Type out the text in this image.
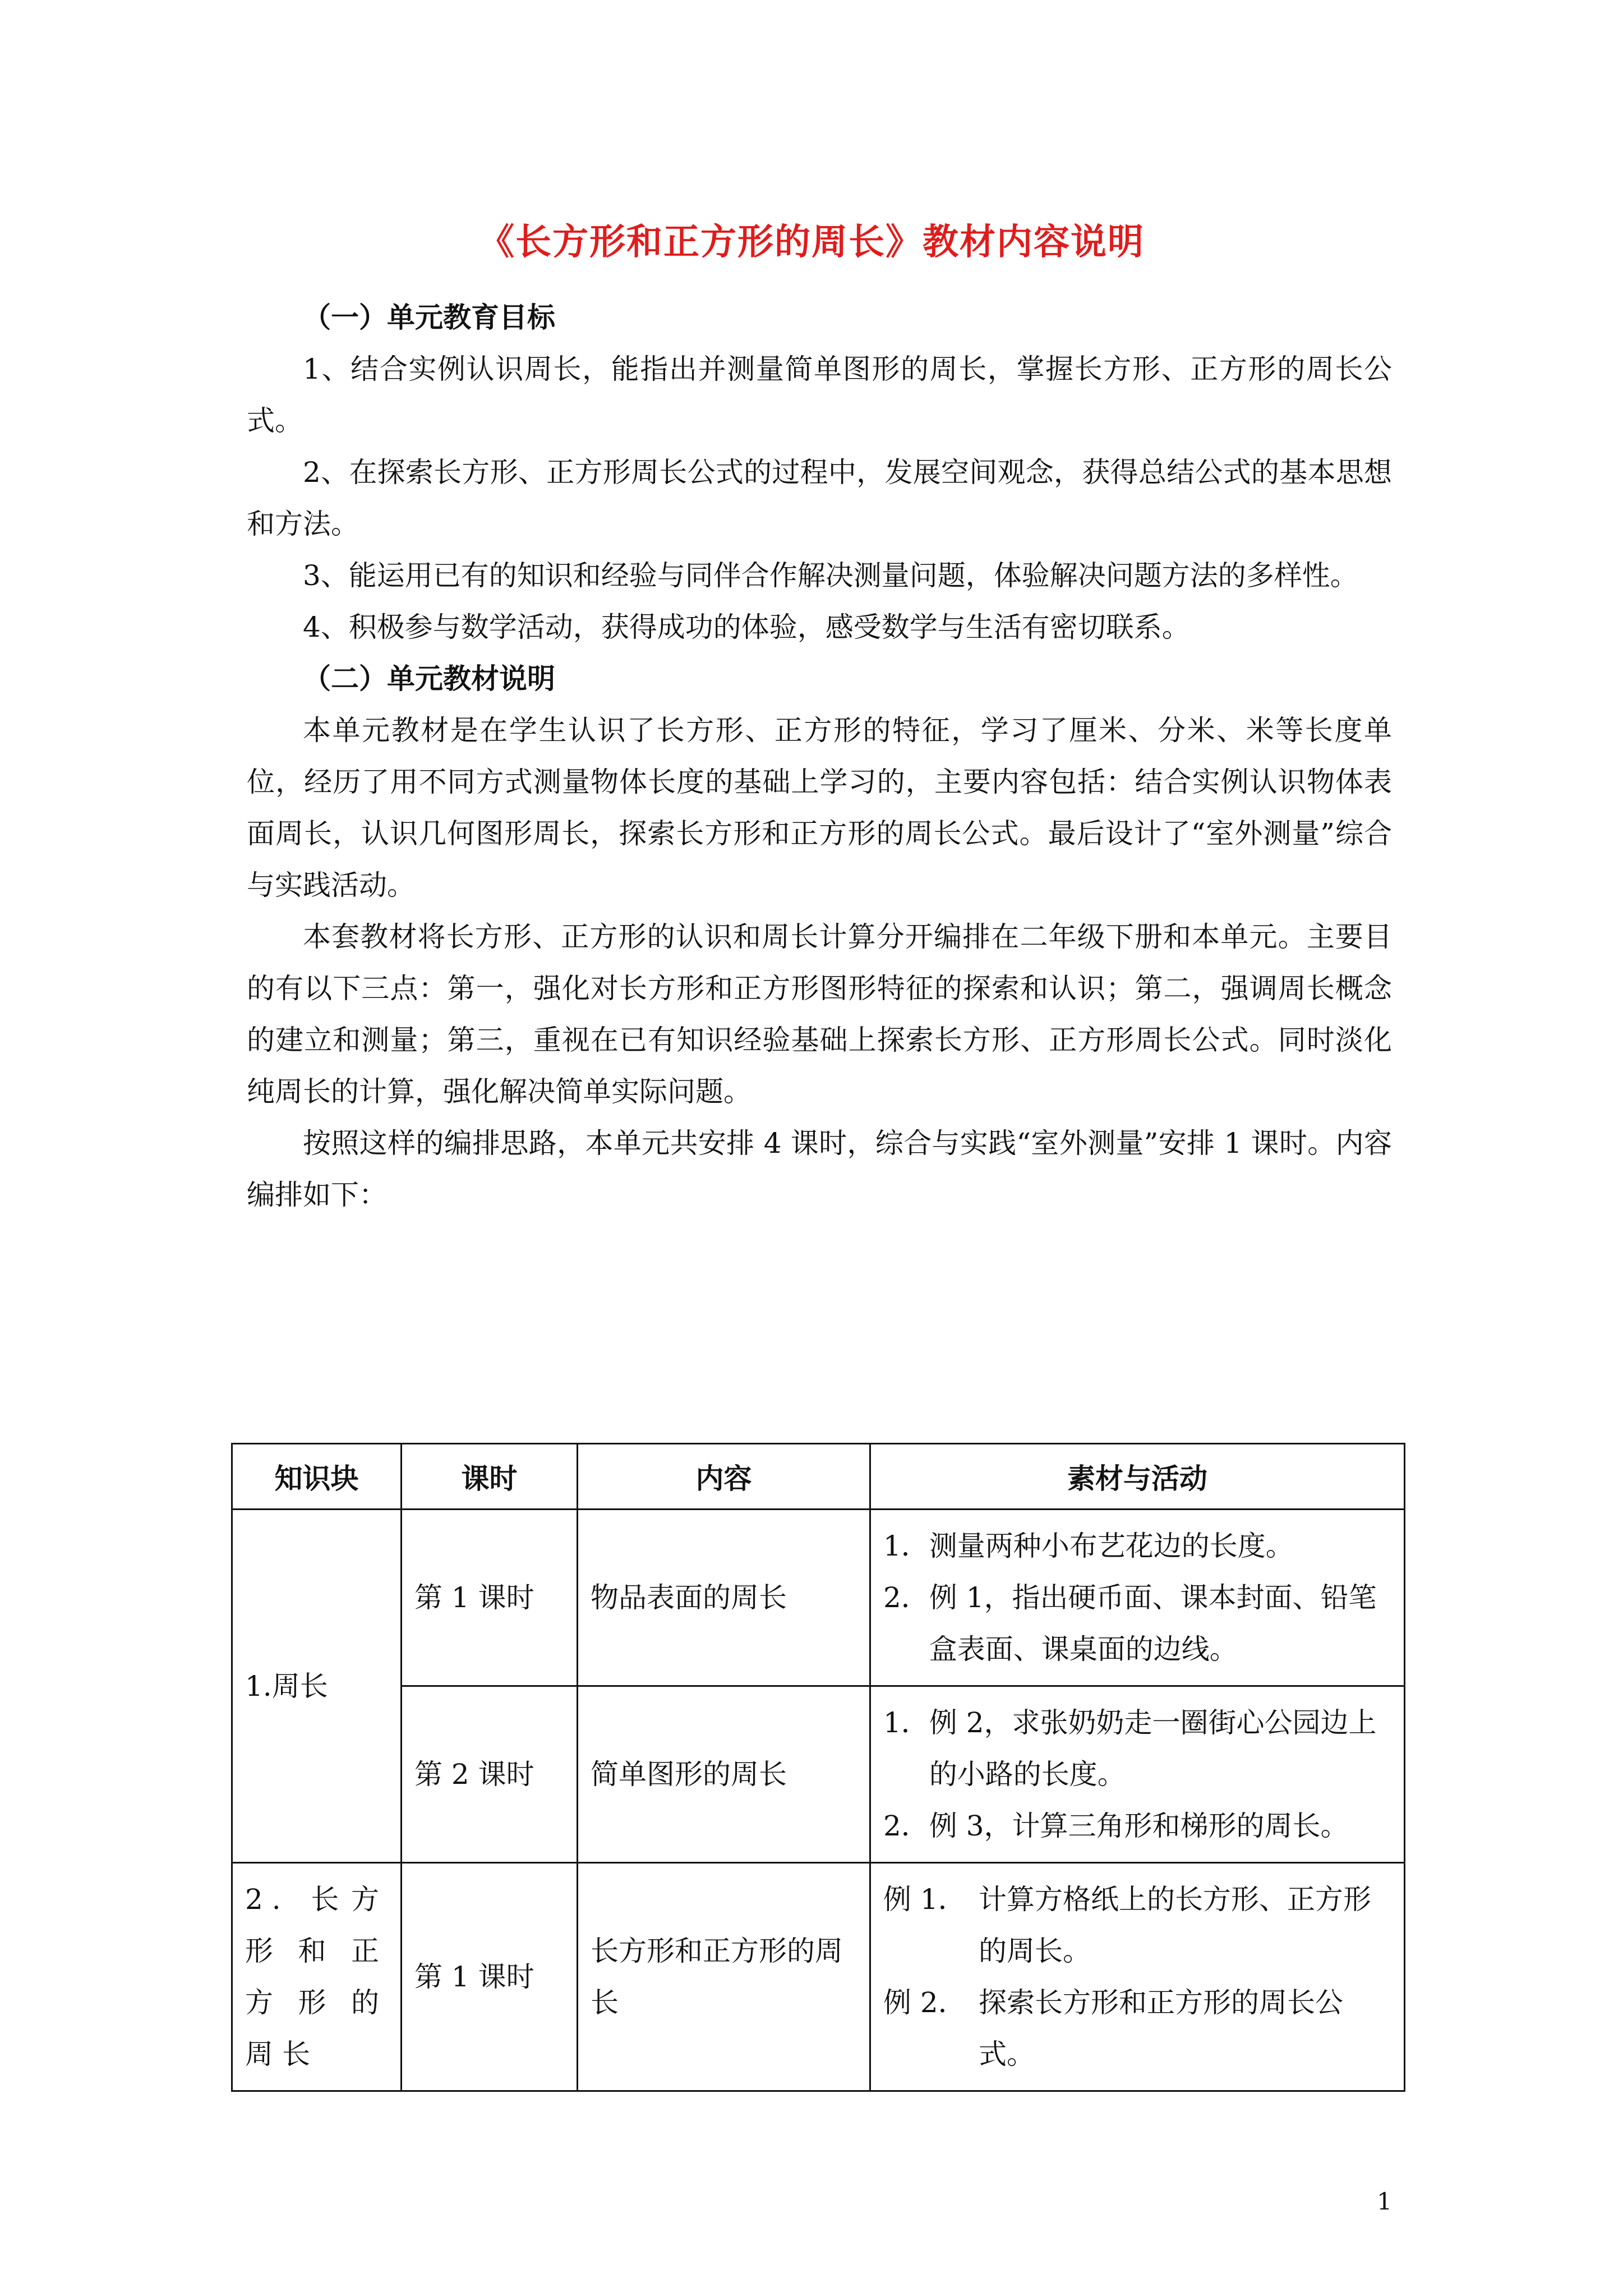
《长方形和正方形的周长》教材内容说明

（一）单元教育目标

1、结合实例认识周长，能指出并测量简单图形的周长，掌握长方形、正方形的周长公式。

2、在探索长方形、正方形周长公式的过程中，发展空间观念，获得总结公式的基本思想和方法。

3、能运用已有的知识和经验与同伴合作解决测量问题，体验解决问题方法的多样性。

4、积极参与数学活动，获得成功的体验，感受数学与生活有密切联系。

（二）单元教材说明

本单元教材是在学生认识了长方形、正方形的特征，学习了厘米、分米、米等长度单位，经历了用不同方式测量物体长度的基础上学习的，主要内容包括：结合实例认识物体表面周长，认识几何图形周长，探索长方形和正方形的周长公式。最后设计了“室外测量”综合与实践活动。

本套教材将长方形、正方形的认识和周长计算分开编排在二年级下册和本单元。主要目的有以下三点：第一，强化对长方形和正方形图形特征的探索和认识；第二，强调周长概念的建立和测量；第三，重视在已有知识经验基础上探索长方形、正方形周长公式。同时淡化纯周长的计算，强化解决简单实际问题。

按照这样的编排思路，本单元共安排 4 课时，综合与实践“室外测量”安排 1 课时。内容编排如下：

知识块	课时	内容	素材与活动
1.周长	第 1 课时	物品表面的周长	1． 测量两种小布艺花边的长度。
2． 例 1，指出硬币面、课本封面、铅笔盒表面、课桌面的边线。

	第 2 课时	简单图形的周长	1． 例 2，求张奶奶走一圈街心公园边上的小路的长度。
2． 例 3，计算三角形和梯形的周长。

2. 长方形和正方形的周长	第 1 课时	长方形和正方形的周长	例 1． 计算方格纸上的长方形、正方形的周长。
例 2． 探索长方形和正方形的周长公式。
1
